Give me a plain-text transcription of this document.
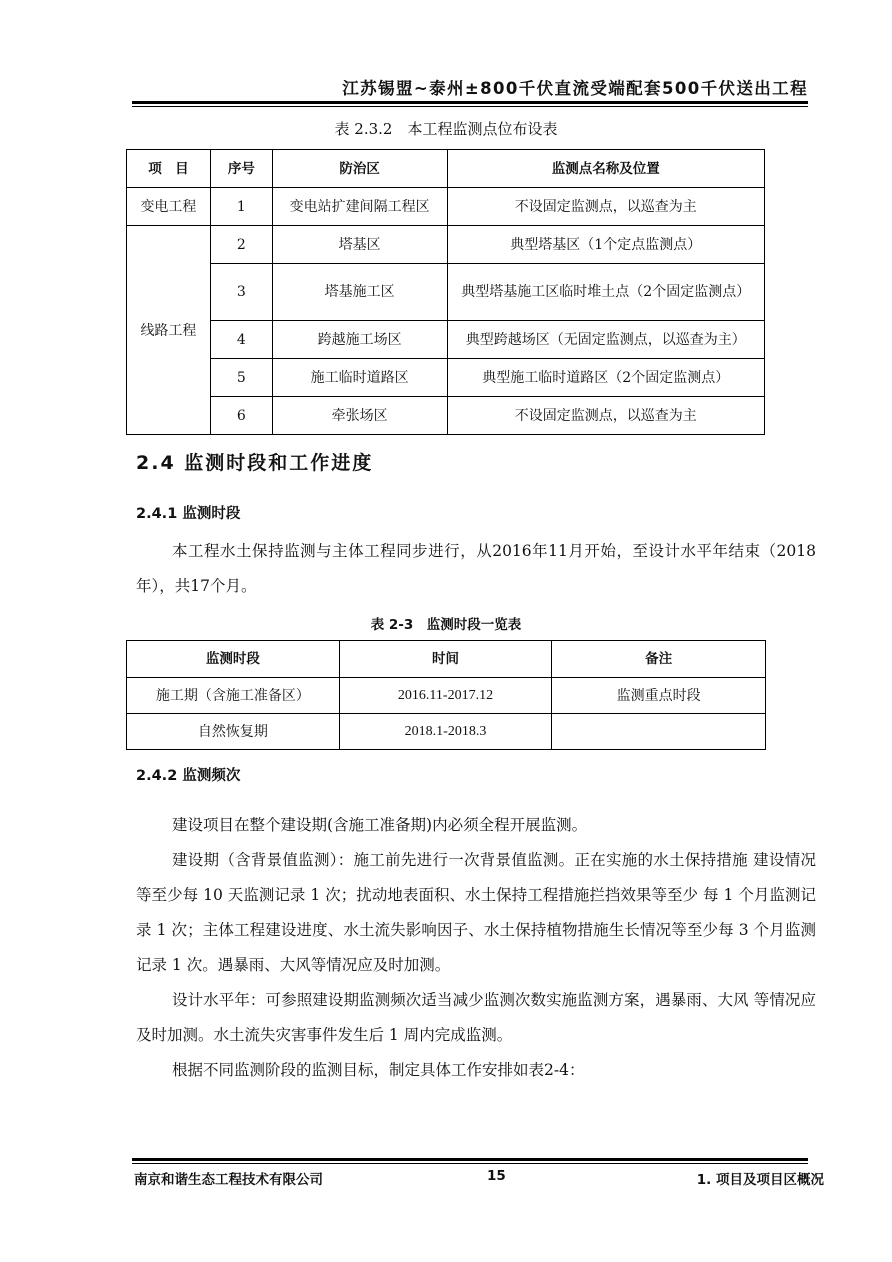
江苏锡盟~泰州±800千伏直流受端配套500千伏送出工程
表 2.3.2　本工程监测点位布设表
项　目	序号	防治区	监测点名称及位置
变电工程	1	变电站扩建间隔工程区	不设固定监测点，以巡查为主
线路工程	2	塔基区	典型塔基区（1个定点监测点）
	3	塔基施工区	典型塔基施工区临时堆土点（2个固定监测点）
	4	跨越施工场区	典型跨越场区（无固定监测点，以巡查为主）
	5	施工临时道路区	典型施工临时道路区（2个固定监测点）
	6	牵张场区	不设固定监测点，以巡查为主
2.4 监测时段和工作进度
2.4.1 监测时段

本工程水土保持监测与主体工程同步进行，从2016年11月开始，至设计水平年结束（2018年），共17个月。

表 2-3　监测时段一览表
监测时段	时间	备注
施工期（含施工准备区）	2016.11-2017.12	监测重点时段
自然恢复期	2018.1-2018.3	
2.4.2 监测频次

建设项目在整个建设期(含施工准备期)内必须全程开展监测。

建设期（含背景值监测）：施工前先进行一次背景值监测。正在实施的水土保持措施 建设情况等至少每 10 天监测记录 1 次；扰动地表面积、水土保持工程措施拦挡效果等至少 每 1 个月监测记录 1 次；主体工程建设进度、水土流失影响因子、水土保持植物措施生长情况等至少每 3 个月监测记录 1 次。遇暴雨、大风等情况应及时加测。

设计水平年：可参照建设期监测频次适当减少监测次数实施监测方案，遇暴雨、大风 等情况应及时加测。水土流失灾害事件发生后 1 周内完成监测。

根据不同监测阶段的监测目标，制定具体工作安排如表2-4：

南京和谐生态工程技术有限公司	15	1. 项目及项目区概况
